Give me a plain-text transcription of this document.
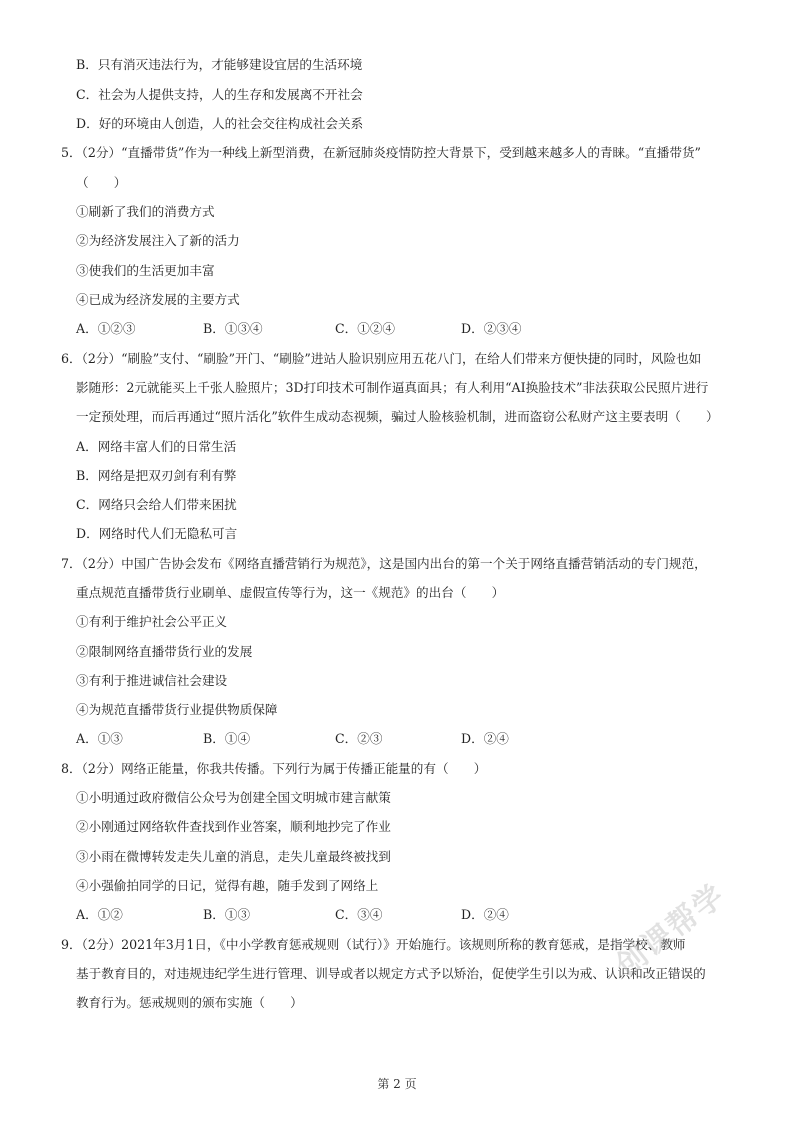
B．只有消灭违法行为，才能够建设宜居的生活环境
C．社会为人提供支持，人的生存和发展离不开社会
D．好的环境由人创造，人的社会交往构成社会关系
5．（2分）“直播带货”作为一种线上新型消费，在新冠肺炎疫情防控大背景下，受到越来越多人的青睐。“直播带货”
（　　）
①刷新了我们的消费方式
②为经济发展注入了新的活力
③使我们的生活更加丰富
④已成为经济发展的主要方式
A．①②③	B．①③④	C．①②④	D．②③④
6．（2分）“刷脸”支付、“刷脸”开门、“刷脸”进站人脸识别应用五花八门，在给人们带来方便快捷的同时，风险也如
影随形：2元就能买上千张人脸照片；3D打印技术可制作逼真面具；有人利用“AI换脸技术”非法获取公民照片进行
一定预处理，而后再通过“照片活化”软件生成动态视频，骗过人脸核验机制，进而盗窃公私财产这主要表明（　　）
A．网络丰富人们的日常生活
B．网络是把双刃剑有利有弊
C．网络只会给人们带来困扰
D．网络时代人们无隐私可言
7．（2分）中国广告协会发布《网络直播营销行为规范》，这是国内出台的第一个关于网络直播营销活动的专门规范，
重点规范直播带货行业刷单、虚假宣传等行为，这一《规范》的出台（　　）
①有利于维护社会公平正义
②限制网络直播带货行业的发展
③有利于推进诚信社会建设
④为规范直播带货行业提供物质保障
A．①③	B．①④	C．②③	D．②④
8．（2分）网络正能量，你我共传播。下列行为属于传播正能量的有（　　）
①小明通过政府微信公众号为创建全国文明城市建言献策
②小刚通过网络软件查找到作业答案，顺利地抄完了作业
③小雨在微博转发走失儿童的消息，走失儿童最终被找到
④小强偷拍同学的日记，觉得有趣，随手发到了网络上
A．①②	B．①③	C．③④	D．②④
9．（2分）2021年3月1日，《中小学教育惩戒规则（试行）》开始施行。该规则所称的教育惩戒，是指学校、教师
基于教育目的，对违规违纪学生进行管理、训导或者以规定方式予以矫治，促使学生引以为戒、认识和改正错误的
教育行为。惩戒规则的颁布实施（　　）
创课帮学
第 2 页
